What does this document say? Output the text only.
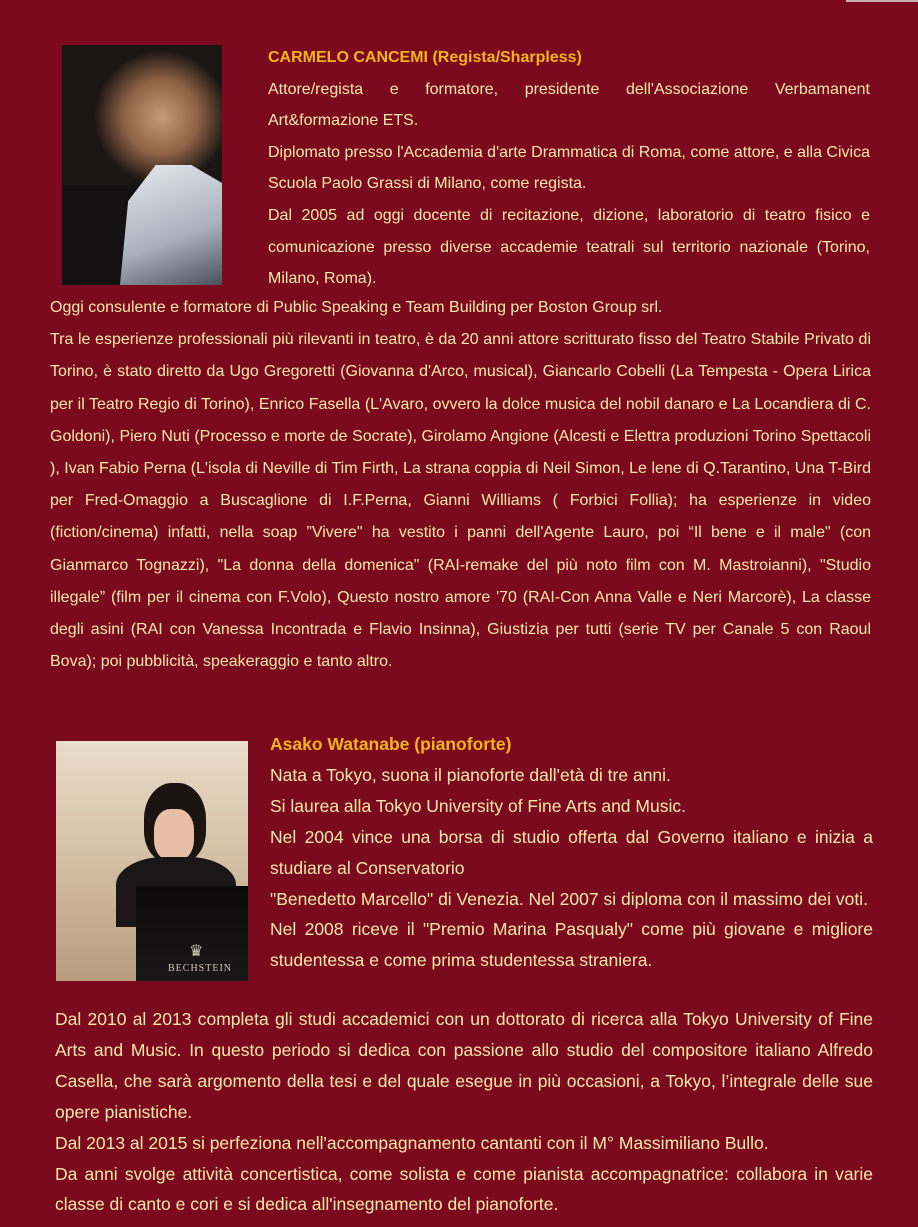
CARMELO CANCEMI (Regista/Sharpless)

Attore/regista e formatore, presidente dell'Associazione Verbamanent Art&formazione ETS.

Diplomato presso l'Accademia d'arte Drammatica di Roma, come attore, e alla Civica Scuola Paolo Grassi di Milano, come regista.

Dal 2005 ad oggi docente di recitazione, dizione, laboratorio di teatro fisico e comunicazione presso diverse accademie teatrali sul territorio nazionale (Torino, Milano, Roma).

Oggi consulente e formatore di Public Speaking e Team Building per Boston Group srl.

Tra le esperienze professionali più rilevanti in teatro, è da 20 anni attore scritturato fisso del Teatro Stabile Privato di Torino, è stato diretto da Ugo Gregoretti (Giovanna d'Arco, musical), Giancarlo Cobelli (La Tempesta - Opera Lirica per il Teatro Regio di Torino), Enrico Fasella (L'Avaro, ovvero la dolce musica del nobil danaro e La Locandiera di C. Goldoni), Piero Nuti (Processo e morte de Socrate), Girolamo Angione (Alcesti e Elettra produzioni Torino Spettacoli ), Ivan Fabio Perna (L'isola di Neville di Tim Firth, La strana coppia di Neil Simon, Le lene di Q.Tarantino, Una T-Bird per Fred-Omaggio a Buscaglione di I.F.Perna, Gianni Williams ( Forbici Follia); ha esperienze in video (fiction/cinema) infatti, nella soap ”Vivere" ha vestito i panni dell'Agente Lauro, poi “Il bene e il male" (con Gianmarco Tognazzi), "La donna della domenica" (RAI-remake del più noto film con M. Mastroianni), "Studio illegale” (film per il cinema con F.Volo), Questo nostro amore '70 (RAI-Con Anna Valle e Neri Marcorè), La classe degli asini (RAI con Vanessa Incontrada e Flavio Insinna), Giustizia per tutti (serie TV per Canale 5 con Raoul Bova); poi pubblicità, speakeraggio e tanto altro.

♛
BECHSTEIN

Asako Watanabe (pianoforte)

Nata a Tokyo, suona il pianoforte dall'età di tre anni.

Si laurea alla Tokyo University of Fine Arts and Music.

Nel 2004 vince una borsa di studio offerta dal Governo italiano e inizia a studiare al Conservatorio

"Benedetto Marcello" di Venezia. Nel 2007 si diploma con il massimo dei voti.

Nel 2008 riceve il "Premio Marina Pasqualy" come più giovane e migliore studentessa e come prima studentessa straniera.

Dal 2010 al 2013 completa gli studi accademici con un dottorato di ricerca alla Tokyo University of Fine Arts and Music. In questo periodo si dedica con passione allo studio del compositore italiano Alfredo Casella, che sarà argomento della tesi e del quale esegue in più occasioni, a Tokyo, l’integrale delle sue opere pianistiche.

Dal 2013 al 2015 si perfeziona nell'accompagnamento cantanti con il M° Massimiliano Bullo.

Da anni svolge attività concertistica, come solista e come pianista accompagnatrice: collabora in varie classe di canto e cori e si dedica all'insegnamento del pianoforte.
